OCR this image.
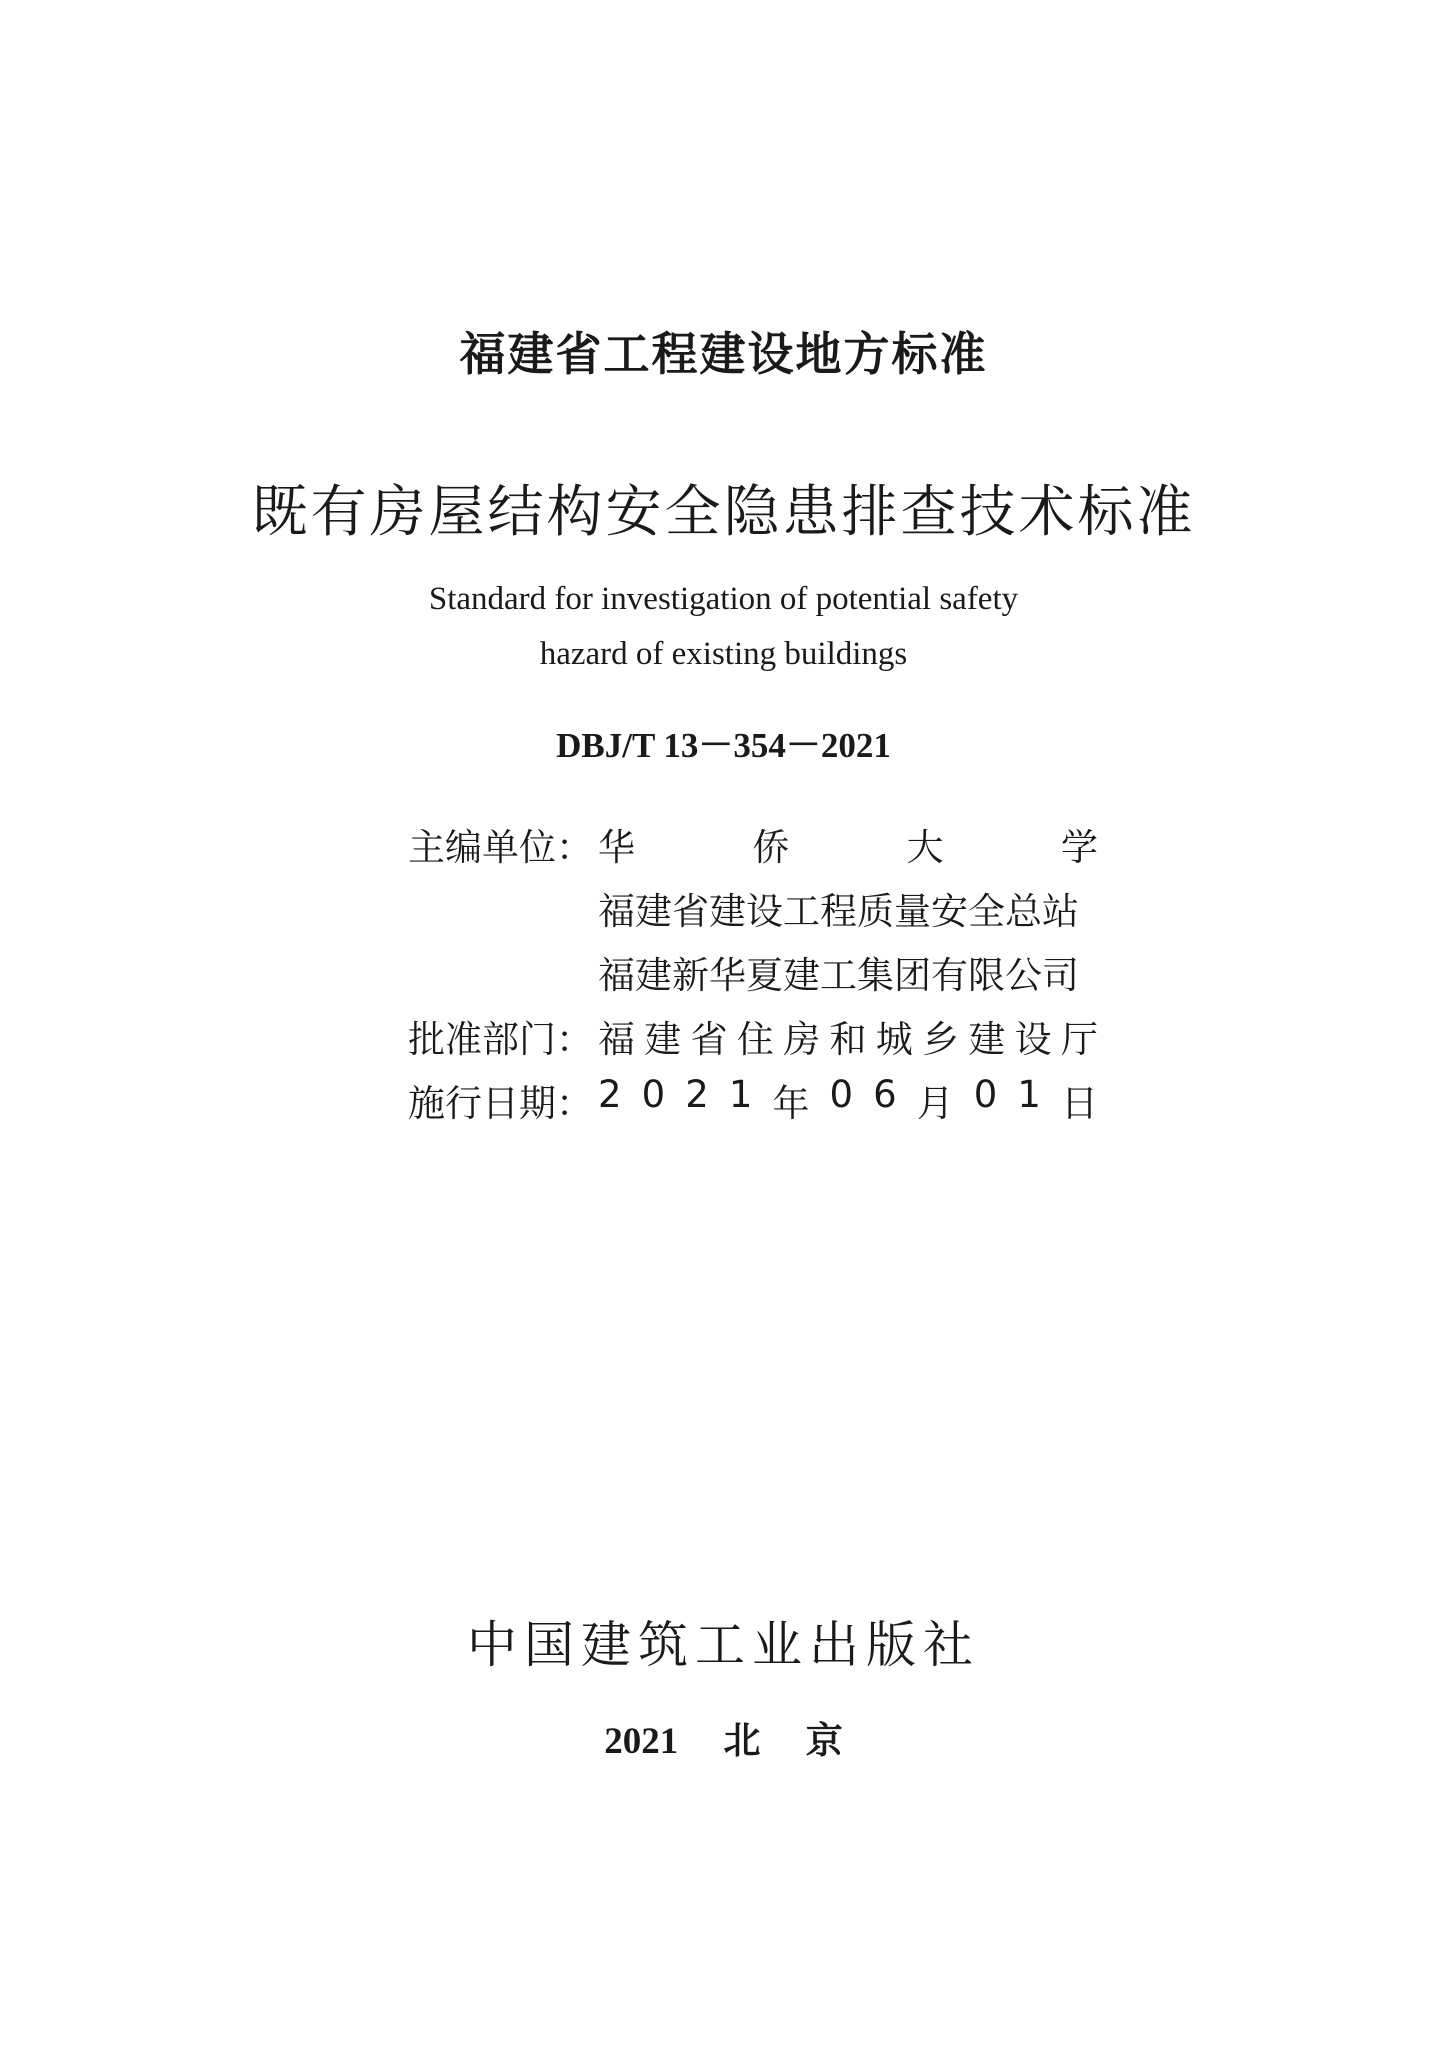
福建省工程建设地方标准
既有房屋结构安全隐患排查技术标准
Standard for investigation of potential safety
hazard of existing buildings
DBJ/T 13－354－2021
主编单位： 华	侨	大	学
福建省建设工程质量安全总站
福建新华夏建工集团有限公司
批准部门： 福 建 省 住 房 和 城 乡 建 设 厅
施行日期： 2 0 2 1 年 0 6 月 0 1 日
中国建筑工业出版社
2021 北 京
